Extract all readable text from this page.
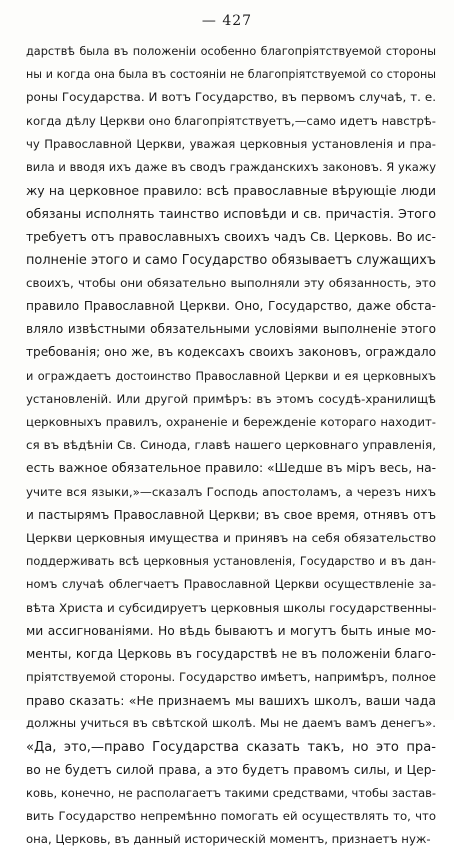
— 427
дарствѣ была въ положеніи особенно благопріятствуемой стороны
ны и когда она была въ состояніи не благопріятствуемой со стороны
роны Государства. И вотъ Государство, въ первомъ случаѣ, т. е.
когда дѣлу Церкви оно благопріятствуетъ,—само идетъ навстрѣ-
чу Православной Церкви, уважая церковныя установленія и пра-
вила и вводя ихъ даже въ сводъ гражданскихъ законовъ. Я укажу
жу на церковное правило: всѣ православные вѣрующіе люди
обязаны исполнять таинство исповѣди и св. причастія. Этого
требуетъ отъ православныхъ своихъ чадъ Св. Церковь. Во ис-
полненіе этого и само Государство обязываетъ служащихъ
своихъ, чтобы они обязательно выполняли эту обязанность, это
правило Православной Церкви. Оно, Государство, даже обста-
вляло извѣстными обязательными условіями выполненіе этого
требованія; оно же, въ кодексахъ своихъ законовъ, ограждало
и ограждаетъ достоинство Православной Церкви и ея церковныхъ
установленій. Или другой примѣръ: въ этомъ сосудѣ-хранилищѣ
церковныхъ правилъ, охраненіе и бережденіе котораго находит-
ся въ вѣдѣніи Св. Синода, главѣ нашего церковнаго управленія,
есть важное обязательное правило: «Шедше въ міръ весь, на-
учите вся языки,»—сказалъ Господь апостоламъ, а черезъ нихъ
и пастырямъ Православной Церкви; въ свое время, отнявъ отъ
Церкви церковныя имущества и принявъ на себя обязательство
поддерживать всѣ церковныя установленія, Государство и въ дан-
номъ случаѣ облегчаетъ Православной Церкви осуществленіе за-
вѣта Христа и субсидируетъ церковныя школы государственны-
ми ассигнованіями. Но вѣдь бываютъ и могутъ быть иные мо-
менты, когда Церковь въ государствѣ не въ положеніи благо-
пріятствуемой стороны. Государство имѣетъ, напримѣръ, полное
право сказать: «Не признаемъ мы вашихъ школъ, ваши чада
должны учиться въ свѣтской школѣ. Мы не даемъ вамъ денегъ».
«Да, это,—право Государства сказать такъ, но это пра-
во не будетъ силой права, а это будетъ правомъ силы, и Цер-
ковь, конечно, не располагаетъ такими средствами, чтобы застав-
вить Государство непремѣнно помогать ей осуществлять то, что
она, Церковь, въ данный историческій моментъ, признаетъ нуж-
